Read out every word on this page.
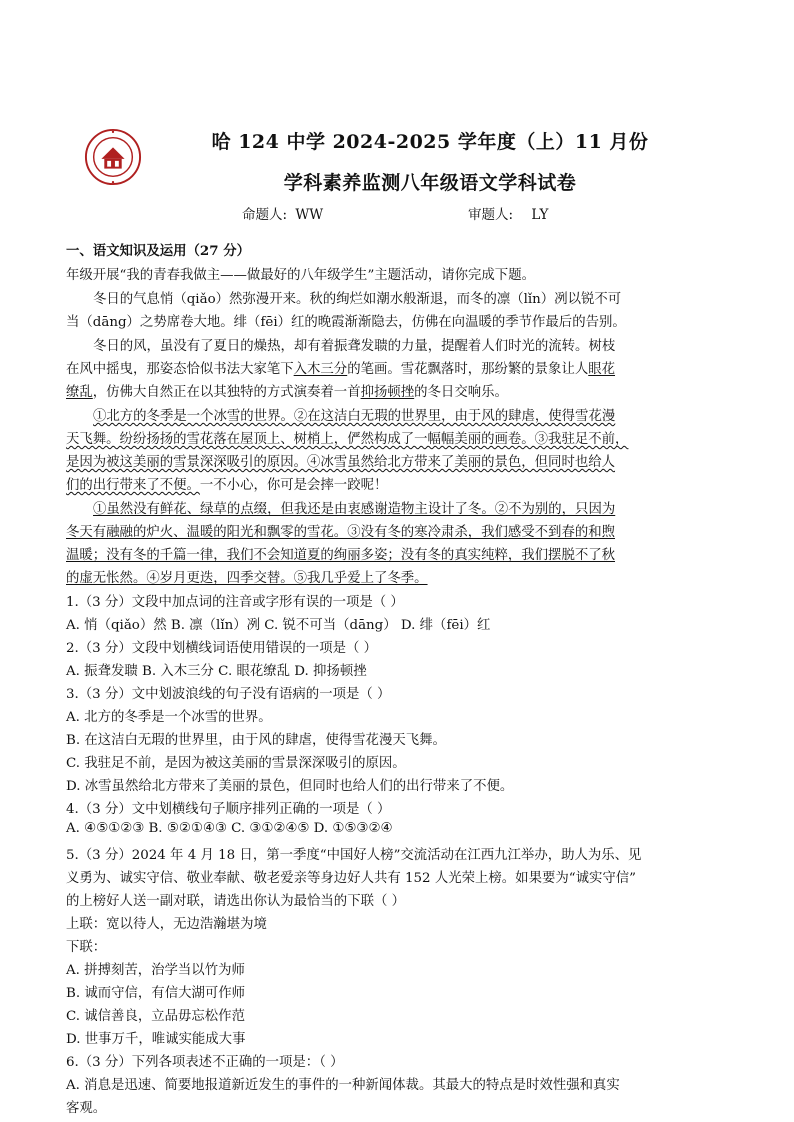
哈 124 中学 2024-2025 学年度（上）11 月份
学科素养监测八年级语文学科试卷
命题人: WW	审题人: LY
一、语文知识及运用（27 分）
年级开展“我的青春我做主——做最好的八年级学生”主题活动，请你完成下题。
冬日的气息悄（qiǎo）然弥漫开来。秋的绚烂如潮水般渐退，而冬的凛（lǐn）冽以锐不可
当（dāng）之势席卷大地。绯（fēi）红的晚霞渐渐隐去，仿佛在向温暖的季节作最后的告别。
冬日的风，虽没有了夏日的燥热，却有着振聋发聩的力量，提醒着人们时光的流转。树枝
在风中摇曳，那姿态恰似书法大家笔下入木三分的笔画。雪花飘落时，那纷繁的景象让人眼花
缭乱，仿佛大自然正在以其独特的方式演奏着一首抑扬顿挫的冬日交响乐。
①北方的冬季是一个冰雪的世界。②在这洁白无瑕的世界里，由于风的肆虐，使得雪花漫
天飞舞。纷纷扬扬的雪花落在屋顶上、树梢上，俨然构成了一幅幅美丽的画卷。③我驻足不前，
是因为被这美丽的雪景深深吸引的原因。④冰雪虽然给北方带来了美丽的景色，但同时也给人
们的出行带来了不便。一不小心，你可是会摔一跤呢！
①虽然没有鲜花、绿草的点缀，但我还是由衷感谢造物主设计了冬。②不为别的，只因为
冬天有融融的炉火、温暖的阳光和飘零的雪花。③没有冬的寒冷肃杀，我们感受不到春的和煦
温暖；没有冬的千篇一律，我们不会知道夏的绚丽多姿；没有冬的真实纯粹，我们摆脱不了秋
的虚无怅然。④岁月更迭，四季交替。⑤我几乎爱上了冬季。
1.（3 分）文段中加点词的注音或字形有误的一项是（ ）
A. 悄（qiǎo）然 B. 凛（lǐn）冽 C. 锐不可当（dāng） D. 绯（fēi）红
2.（3 分）文段中划横线词语使用错误的一项是（ ）
A. 振聋发聩 B. 入木三分 C. 眼花缭乱 D. 抑扬顿挫
3.（3 分）文中划波浪线的句子没有语病的一项是（ ）
A. 北方的冬季是一个冰雪的世界。
B. 在这洁白无瑕的世界里，由于风的肆虐，使得雪花漫天飞舞。
C. 我驻足不前，是因为被这美丽的雪景深深吸引的原因。
D. 冰雪虽然给北方带来了美丽的景色，但同时也给人们的出行带来了不便。
4.（3 分）文中划横线句子顺序排列正确的一项是（ ）
A. ④⑤①②③ B. ⑤②①④③ C. ③①②④⑤ D. ①⑤③②④
5.（3 分）2024 年 4 月 18 日，第一季度“中国好人榜”交流活动在江西九江举办，助人为乐、见
义勇为、诚实守信、敬业奉献、敬老爱亲等身边好人共有 152 人光荣上榜。如果要为“诚实守信”
的上榜好人送一副对联，请选出你认为最恰当的下联（ ）
上联：宽以待人，无边浩瀚堪为境
下联：
A. 拼搏刻苦，治学当以竹为师
B. 诚而守信，有信大湖可作师
C. 诚信善良，立品毋忘松作范
D. 世事万千，唯诚实能成大事
6.（3 分）下列各项表述不正确的一项是：（ ）
A. 消息是迅速、简要地报道新近发生的事件的一种新闻体裁。其最大的特点是时效性强和真实
客观。
